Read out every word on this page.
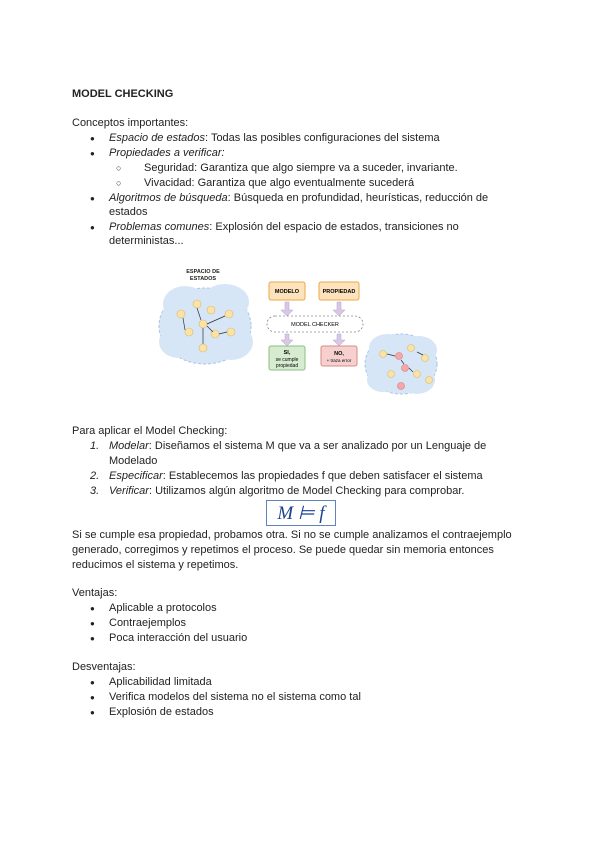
MODEL CHECKING
Conceptos importantes:
● Espacio de estados: Todas las posibles configuraciones del sistema
● Propiedades a verificar:
○ Seguridad: Garantiza que algo siempre va a suceder, invariante.
○ Vivacidad: Garantiza que algo eventualmente sucederá
● Algoritmos de búsqueda: Búsqueda en profundidad, heurísticas, reducción de
estados
● Problemas comunes: Explosión del espacio de estados, transiciones no
deterministas...
ESPACIO DE
ESTADOS
MODELO	PROPIEDAD
MODEL CHECKER
SI,
se cumple
propiedad
NO,
+ traza error
Para aplicar el Model Checking:
1. Modelar: Diseñamos el sistema M que va a ser analizado por un Lenguaje de
Modelado
2. Especificar: Establecemos las propiedades f que deben satisfacer el sistema
3. Verificar: Utilizamos algún algoritmo de Model Checking para comprobar.
M ⊨ f
Si se cumple esa propiedad, probamos otra. Si no se cumple analizamos el contraejemplo
generado, corregimos y repetimos el proceso. Se puede quedar sin memoria entonces
reducimos el sistema y repetimos.
Ventajas:
● Aplicable a protocolos
● Contraejemplos
● Poca interacción del usuario
Desventajas:
● Aplicabilidad limitada
● Verifica modelos del sistema no el sistema como tal
● Explosión de estados
